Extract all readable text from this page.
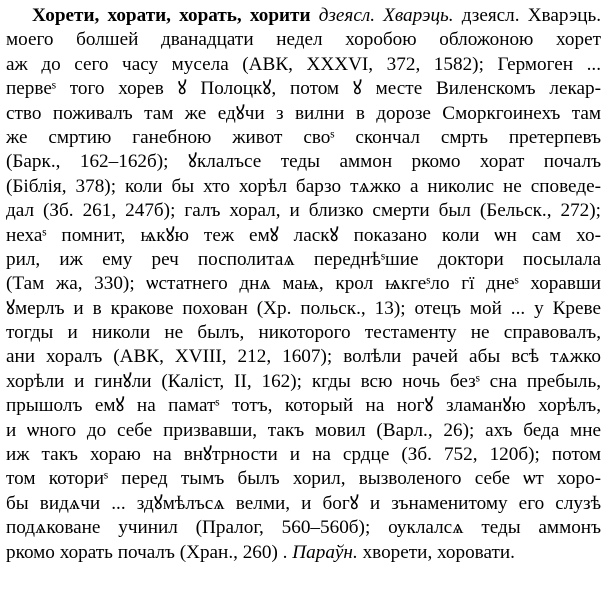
Хорети, хорати, хорать, хорити дзеясл. Хварэць. дзеясл. Хварэць.
моего болшей дванадцати недел хоробою обложоною хорет
аж до сего часу мусела (АВК, XXXVI, 372, 1582); Гермоген ...
первеˢ того хорев ꙋ Полоцкꙋ, потом ꙋ месте Виленскомъ лекар-
ство поживалъ там же едꙋчи з вилни в дорозе Сморкгоинехъ там
же смртию ганебною живот своˢ скончал смрть претерпевъ
(Барк., 162–162б); ꙋклалъсе теды аммон ркомо хорат почалъ
(Біблія, 378); коли бы хто хорѣл барзо тѧжко а николис не споведе-
дал (Зб. 261, 247б); галъ хорал, и близко смерти был (Бельск., 272);
нехаˢ помнит, ѩкꙋю теж емꙋ ласкꙋ показано коли ѡн сам хо-
рил, иж ему реч посполитаѧ переднѣˢшие доктори посылала
(Там жа, 330); ѡстатнего днѧ маѩ, крол ѩкгеˢло гї днеˢ хоравши
ꙋмерлъ и в кракове похован (Хр. польск., 13); отецъ мой ... у Креве
тогды и николи не былъ, никоторого тестаменту не справовалъ,
ани хоралъ (АВК, XVIII, 212, 1607); волѣли рачей абы всѣ тѧжко
хорѣли и гинꙋли (Каліст, II, 162); кгды всю ночь безˢ сна пребыль,
прышолъ емꙋ на паматˢ тотъ, который на ногꙋ зламанꙋю хорѣлъ,
и ѡного до себе призвавши, такъ мовил (Варл., 26); ахъ беда мне
иж такъ хораю на внꙋтрности и на срдце (Зб. 752, 120б); потом
том коториˢ перед тымъ былъ хорил, вызволеного себе ѡт хоро-
бы видѧчи ... здꙋмѣлъсѧ велми, и богꙋ и зънаменитому его слузѣ
подѧковане учинил (Пралог, 560–560б); оуклалсѧ теды аммонъ
ркомо хорать почалъ (Хран., 260) . Параўн. хворети, хоровати.
